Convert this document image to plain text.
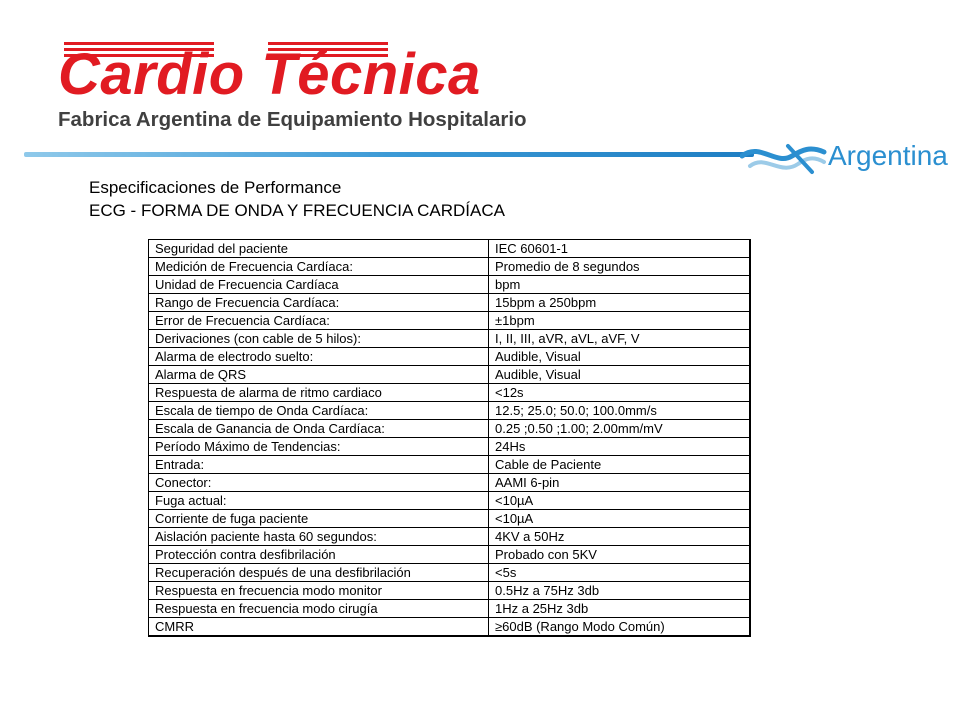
Cardio Técnica
Fabrica Argentina de Equipamiento Hospitalario
Argentina
Especificaciones de Performance
ECG - FORMA DE ONDA Y FRECUENCIA CARDÍACA
Seguridad del paciente	IEC 60601-1
Medición de Frecuencia Cardíaca:	Promedio de 8 segundos
Unidad de Frecuencia Cardíaca	bpm
Rango de Frecuencia Cardíaca:	15bpm a 250bpm
Error de Frecuencia Cardíaca:	±1bpm
Derivaciones (con cable de 5 hilos):	I, II, III, aVR, aVL, aVF, V
Alarma de electrodo suelto:	Audible, Visual
Alarma de QRS	Audible, Visual
Respuesta de alarma de ritmo cardiaco	<12s
Escala de tiempo de Onda Cardíaca:	12.5; 25.0; 50.0; 100.0mm/s
Escala de Ganancia de Onda Cardíaca:	0.25 ;0.50 ;1.00; 2.00mm/mV
Período Máximo de Tendencias:	24Hs
Entrada:	Cable de Paciente
Conector:	AAMI 6-pin
Fuga actual:	<10µA
Corriente de fuga paciente	<10µA
Aislación paciente hasta 60 segundos:	4KV a 50Hz
Protección contra desfibrilación	Probado con 5KV
Recuperación después de una desfibrilación	<5s
Respuesta en frecuencia modo monitor	0.5Hz a 75Hz 3db
Respuesta en frecuencia modo cirugía	1Hz a 25Hz 3db
CMRR	≥60dB (Rango Modo Común)
